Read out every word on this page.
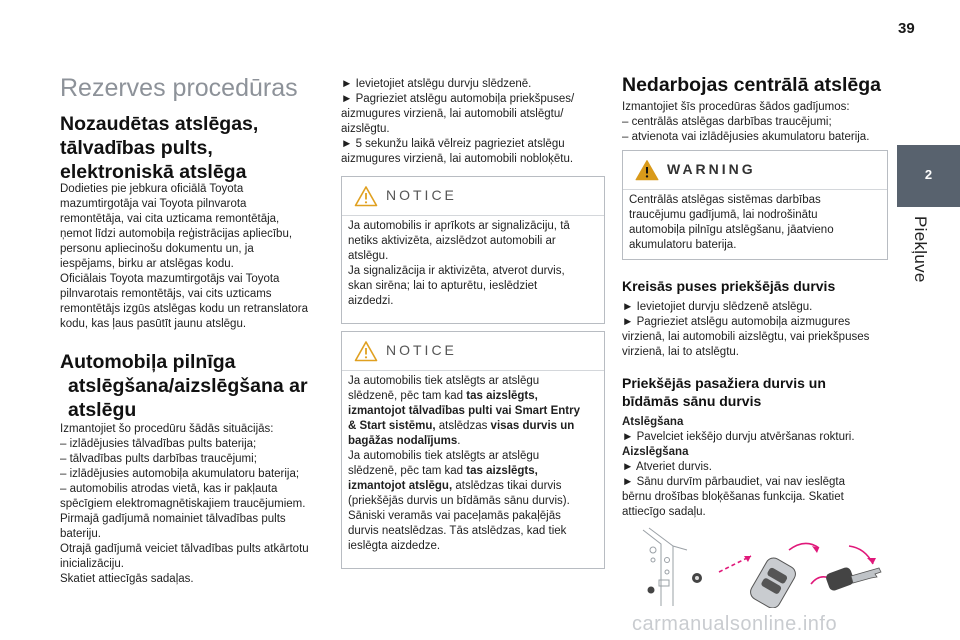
39
2
Piekļuve
Rezerves procedūras
Nozaudētas atslēgas,
tālvadības pults,
elektroniskā atslēga
Dodieties pie jebkura oficiālā Toyota
mazumtirgotāja vai Toyota pilnvarota
remontētāja, vai cita uzticama remontētāja,
ņemot līdzi automobiļa reģistrācijas apliecību,
personu apliecinošu dokumentu un, ja
iespējams, birku ar atslēgas kodu.
Oficiālais Toyota mazumtirgotājs vai Toyota
pilnvarotais remontētājs, vai cits uzticams
remontētājs izgūs atslēgas kodu un retranslatora
kodu, kas ļaus pasūtīt jaunu atslēgu.
Automobiļa pilnīga
atslēgšana/aizslēgšana ar
atslēgu
Izmantojiet šo procedūru šādās situācijās:
– izlādējusies tālvadības pults baterija;
– tālvadības pults darbības traucējumi;
– izlādējusies automobiļa akumulatoru baterija;
– automobilis atrodas vietā, kas ir pakļauta
spēcīgiem elektromagnētiskajiem traucējumiem.
Pirmajā gadījumā nomainiet tālvadības pults
bateriju.
Otrajā gadījumā veiciet tālvadības pults atkārtotu
inicializāciju.
Skatiet attiecīgās sadaļas.
► Ievietojiet atslēgu durvju slēdzenē.
► Pagrieziet atslēgu automobiļa priekšpuses/
aizmugures virzienā, lai automobili atslēgtu/
aizslēgtu.
► 5 sekunžu laikā vēlreiz pagrieziet atslēgu
aizmugures virzienā, lai automobili nobloķētu.
NOTICE
Ja automobilis ir aprīkots ar signalizāciju, tā
netiks aktivizēta, aizslēdzot automobili ar
atslēgu.
Ja signalizācija ir aktivizēta, atverot durvis,
skan sirēna; lai to apturētu, ieslēdziet
aizdedzi.
NOTICE
Ja automobilis tiek atslēgts ar atslēgu
slēdzenē, pēc tam kad tas aizslēgts,
izmantojot tālvadības pulti vai Smart Entry
& Start sistēmu, atslēdzas visas durvis un
bagāžas nodalījums.
Ja automobilis tiek atslēgts ar atslēgu
slēdzenē, pēc tam kad tas aizslēgts,
izmantojot atslēgu, atslēdzas tikai durvis
(priekšējās durvis un bīdāmās sānu durvis).
Sāniski veramās vai paceļamās pakaļējās
durvis neatslēdzas. Tās atslēdzas, kad tiek
ieslēgta aizdedze.
Nedarbojas centrālā atslēga
Izmantojiet šīs procedūras šādos gadījumos:
– centrālās atslēgas darbības traucējumi;
– atvienota vai izlādējusies akumulatoru baterija.
WARNING
Centrālās atslēgas sistēmas darbības
traucējumu gadījumā, lai nodrošinātu
automobiļa pilnīgu atslēgšanu, jāatvieno
akumulatoru baterija.
Kreisās puses priekšējās durvis
► Ievietojiet durvju slēdzenē atslēgu.
► Pagrieziet atslēgu automobiļa aizmugures
virzienā, lai automobili aizslēgtu, vai priekšpuses
virzienā, lai to atslēgtu.
Priekšējās pasažiera durvis un
bīdāmās sānu durvis
Atslēgšana
► Pavelciet iekšējo durvju atvēršanas rokturi.
Aizslēgšana
► Atveriet durvis.
► Sānu durvīm pārbaudiet, vai nav ieslēgta
bērnu drošības bloķēšanas funkcija. Skatiet
attiecīgo sadaļu.
carmanualsonline.info
